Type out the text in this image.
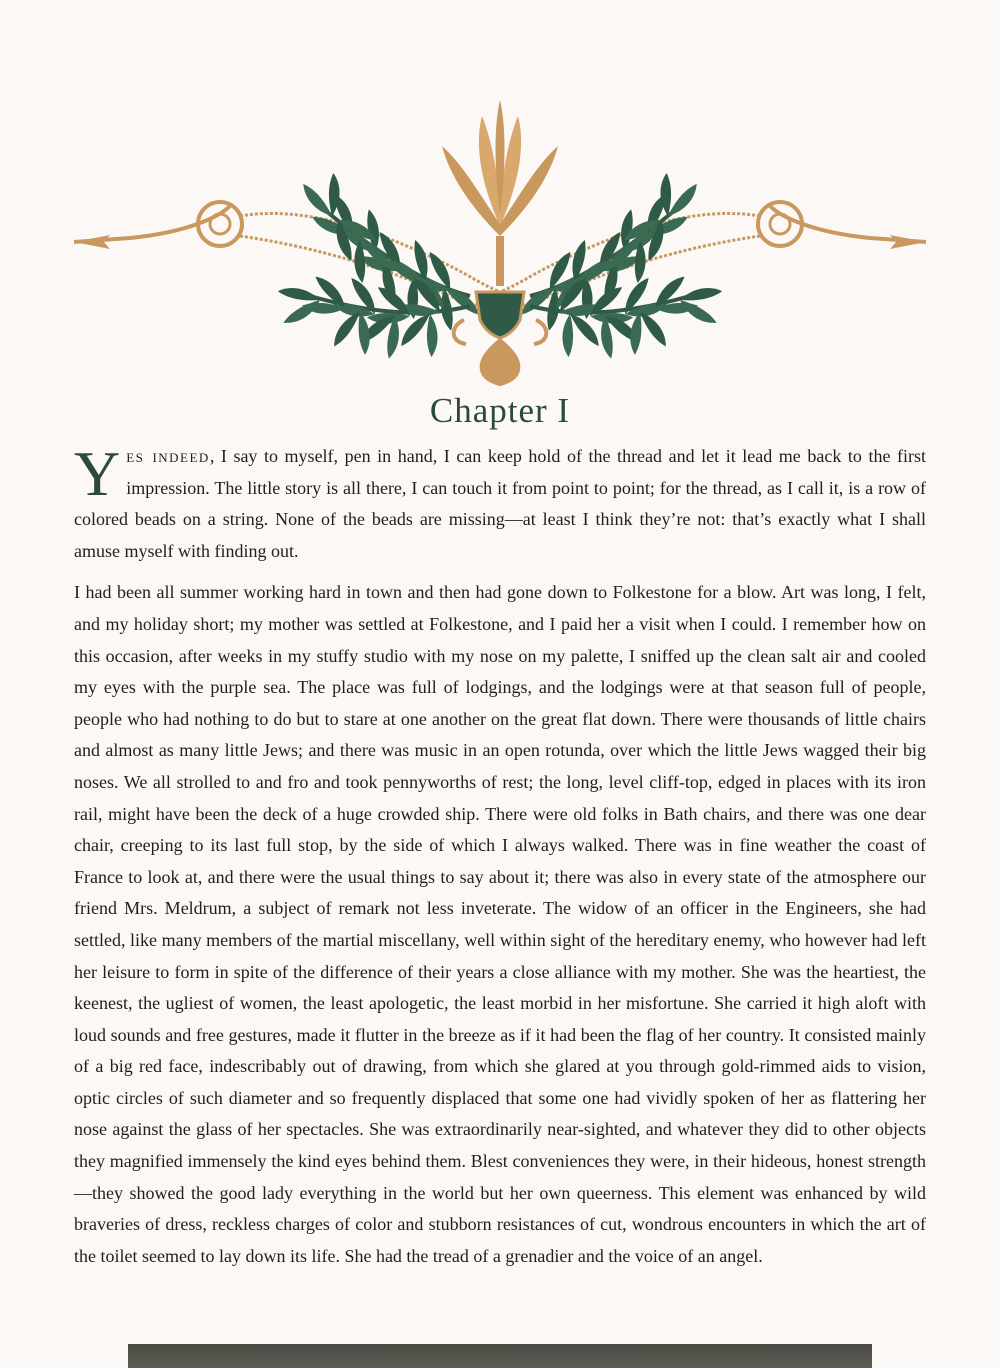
Chapter I

Yes indeed, I say to myself, pen in hand, I can keep hold of the thread and let it lead me back to the first impression. The little story is all there, I can touch it from point to point; for the thread, as I call it, is a row of colored beads on a string. None of the beads are missing—at least I think they’re not: that’s exactly what I shall amuse myself with finding out.

I had been all summer working hard in town and then had gone down to Folkestone for a blow. Art was long, I felt, and my holiday short; my mother was settled at Folkestone, and I paid her a visit when I could. I remember how on this occasion, after weeks in my stuffy studio with my nose on my palette, I sniffed up the clean salt air and cooled my eyes with the purple sea. The place was full of lodgings, and the lodgings were at that season full of people, people who had nothing to do but to stare at one another on the great flat down. There were thousands of little chairs and almost as many little Jews; and there was music in an open rotunda, over which the little Jews wagged their big noses. We all strolled to and fro and took pennyworths of rest; the long, level cliff-top, edged in places with its iron rail, might have been the deck of a huge crowded ship. There were old folks in Bath chairs, and there was one dear chair, creeping to its last full stop, by the side of which I always walked. There was in fine weather the coast of France to look at, and there were the usual things to say about it; there was also in every state of the atmosphere our friend Mrs. Meldrum, a subject of remark not less inveterate. The widow of an officer in the Engineers, she had settled, like many members of the martial miscellany, well within sight of the hereditary enemy, who however had left her leisure to form in spite of the difference of their years a close alliance with my mother. She was the heartiest, the keenest, the ugliest of women, the least apologetic, the least morbid in her misfortune. She carried it high aloft with loud sounds and free gestures, made it flutter in the breeze as if it had been the flag of her country. It consisted mainly of a big red face, indescribably out of drawing, from which she glared at you through gold-rimmed aids to vision, optic circles of such diameter and so frequently displaced that some one had vividly spoken of her as flattering her nose against the glass of her spectacles. She was extraordinarily near-sighted, and whatever they did to other objects they magnified immensely the kind eyes behind them. Blest conveniences they were, in their hideous, honest strength—they showed the good lady everything in the world but her own queerness. This element was enhanced by wild braveries of dress, reckless charges of color and stubborn resistances of cut, wondrous encounters in which the art of the toilet seemed to lay down its life. She had the tread of a grenadier and the voice of an angel.
